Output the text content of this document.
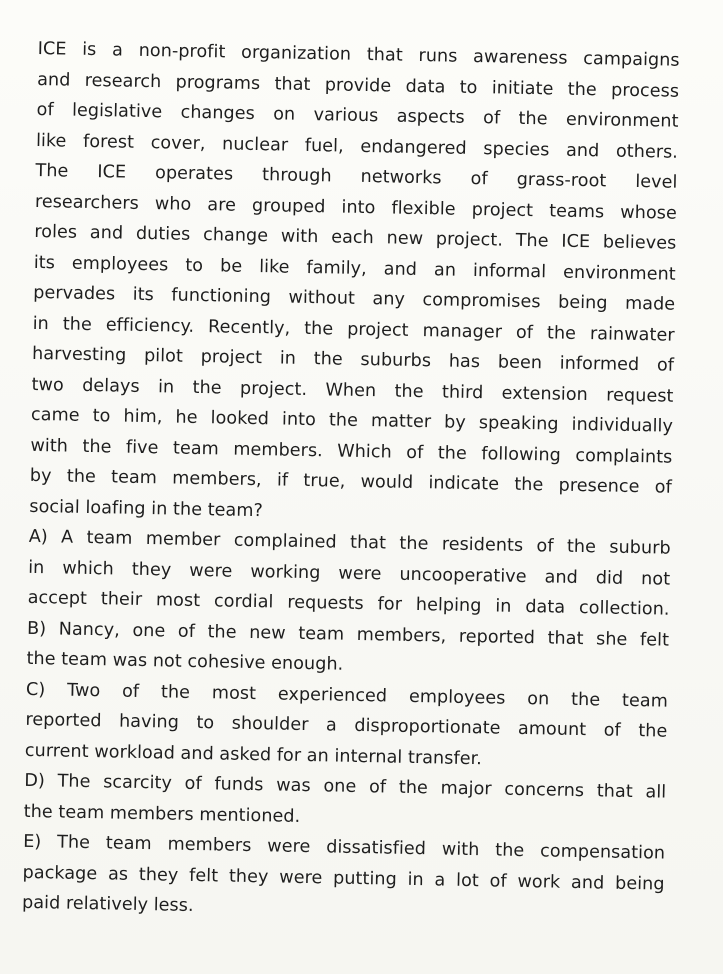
ICE is a non-profit organization that runs awareness campaigns
and research programs that provide data to initiate the process
of legislative changes on various aspects of the environment
like forest cover, nuclear fuel, endangered species and others.
The ICE operates through networks of grass-root level
researchers who are grouped into flexible project teams whose
roles and duties change with each new project. The ICE believes
its employees to be like family, and an informal environment
pervades its functioning without any compromises being made
in the efficiency. Recently, the project manager of the rainwater
harvesting pilot project in the suburbs has been informed of
two delays in the project. When the third extension request
came to him, he looked into the matter by speaking individually
with the five team members. Which of the following complaints
by the team members, if true, would indicate the presence of
social loafing in the team?
A) A team member complained that the residents of the suburb
in which they were working were uncooperative and did not
accept their most cordial requests for helping in data collection.
B) Nancy, one of the new team members, reported that she felt
the team was not cohesive enough.
C) Two of the most experienced employees on the team
reported having to shoulder a disproportionate amount of the
current workload and asked for an internal transfer.
D) The scarcity of funds was one of the major concerns that all
the team members mentioned.
E) The team members were dissatisfied with the compensation
package as they felt they were putting in a lot of work and being
paid relatively less.
